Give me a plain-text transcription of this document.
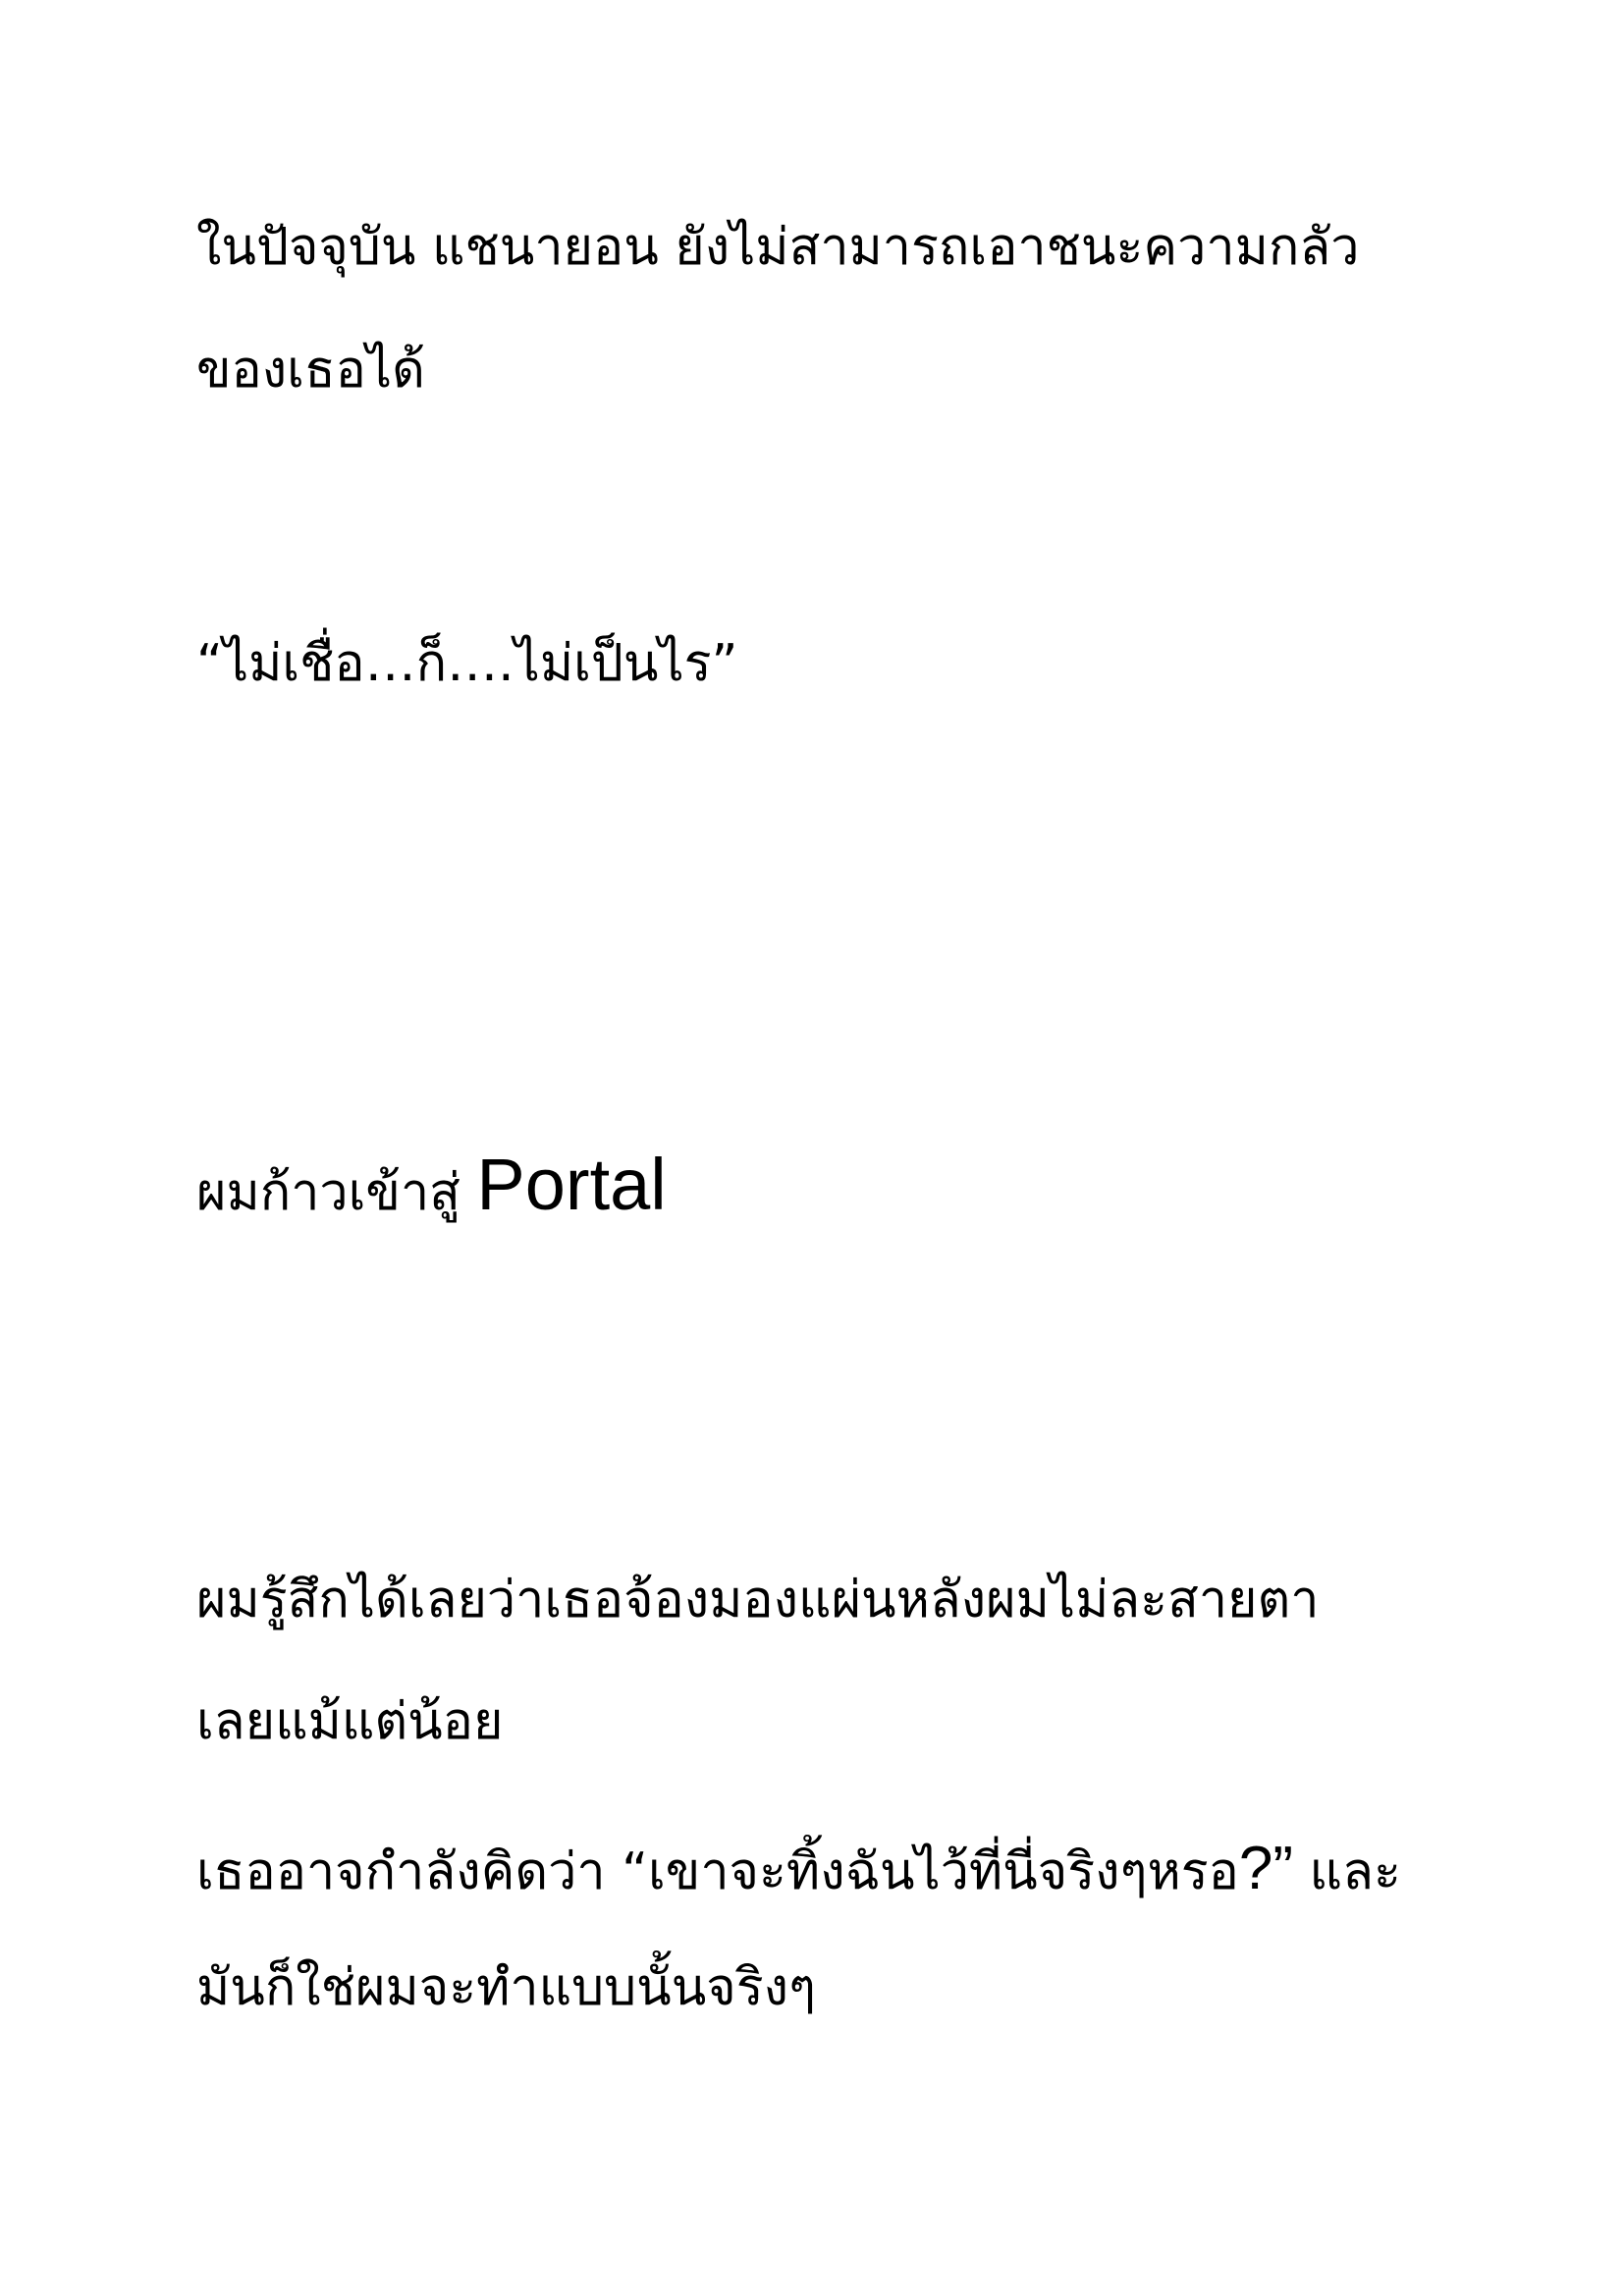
ในปัจจุบัน แชนายอน ยังไม่สามารถเอาชนะความกลัว

ของเธอได้

“ไม่เชื่อ…ก็….ไม่เป็นไร”

ผมก้าวเข้าสู่ Portal

ผมรู้สึกได้เลยว่าเธอจ้องมองแผ่นหลังผมไม่ละสายตา

เลยแม้แต่น้อย

เธออาจกำลังคิดว่า “เขาจะทิ้งฉันไว้ที่นี่จริงๆหรอ?” และ

มันก็ใช่ผมจะทำแบบนั้นจริงๆ
